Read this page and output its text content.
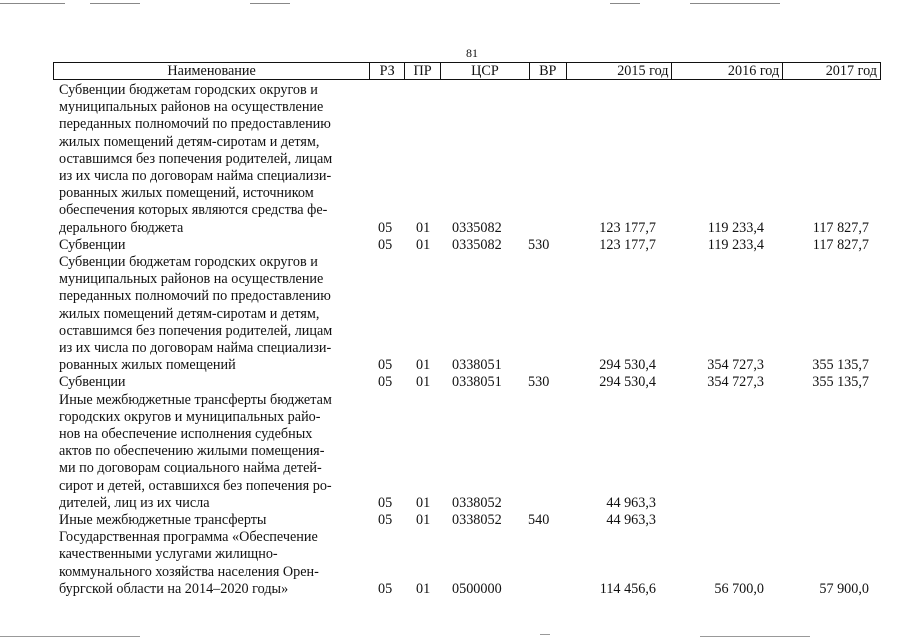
81
Наименование	РЗ	ПР	ЦСР	ВР	2015 год	2016 год	2017 год
Субвенции бюджетам городских округов и
муниципальных районов на осуществление
переданных полномочий по предоставлению
жилых помещений детям-сиротам и детям,
оставшимся без попечения родителей, лицам
из их числа по договорам найма специализи-
рованных жилых помещений, источником
обеспечения которых являются средства фе-
дерального бюджета	05 01 0335082	123 177,7	119 233,4	117 827,7
Субвенции	05 01 0335082 530	123 177,7	119 233,4	117 827,7
Субвенции бюджетам городских округов и
муниципальных районов на осуществление
переданных полномочий по предоставлению
жилых помещений детям-сиротам и детям,
оставшимся без попечения родителей, лицам
из их числа по договорам найма специализи-
рованных жилых помещений	05 01 0338051	294 530,4	354 727,3	355 135,7
Субвенции	05 01 0338051 530	294 530,4	354 727,3	355 135,7
Иные межбюджетные трансферты бюджетам
городских округов и муниципальных райо-
нов на обеспечение исполнения судебных
актов по обеспечению жилыми помещения-
ми по договорам социального найма детей-
сирот и детей, оставшихся без попечения ро-
дителей, лиц из их числа	05 01 0338052	44 963,3
Иные межбюджетные трансферты	05 01 0338052 540	44 963,3
Государственная программа «Обеспечение
качественными услугами жилищно-
коммунального хозяйства населения Орен-
бургской области на 2014–2020 годы»	05 01 0500000	114 456,6	56 700,0	57 900,0
